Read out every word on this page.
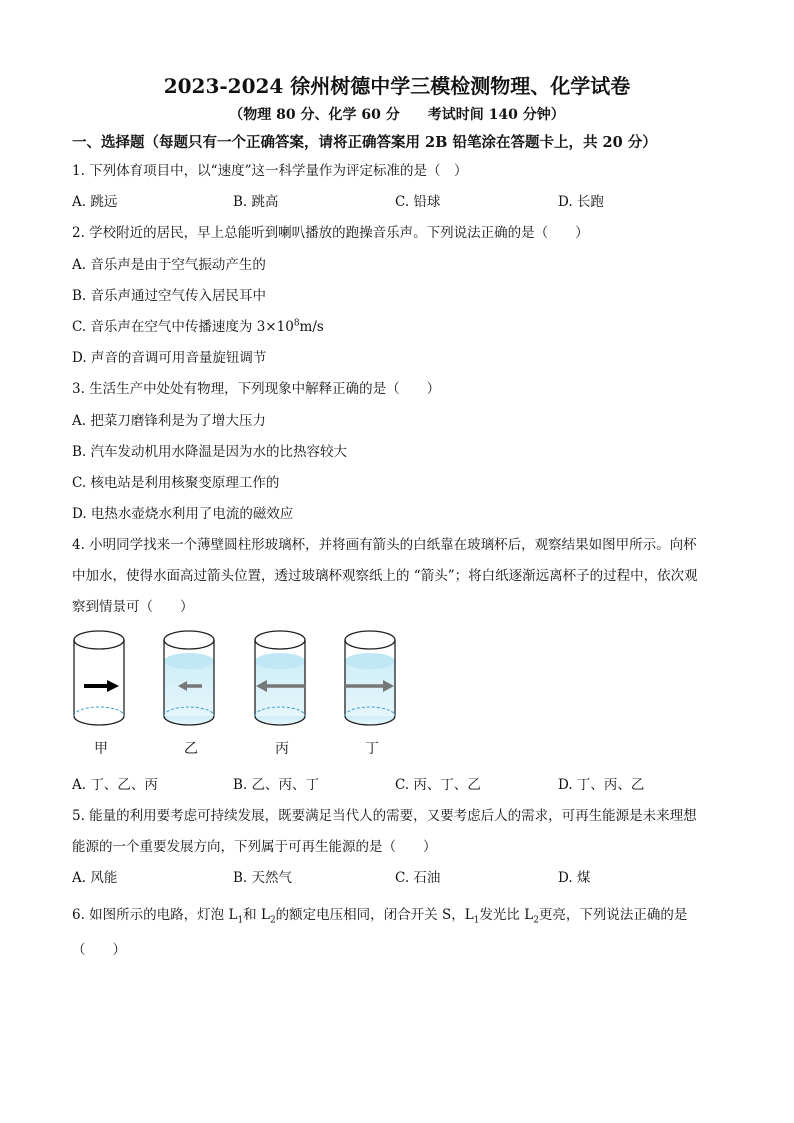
2023-2024 徐州树德中学三模检测物理、化学试卷
（物理 80 分、化学 60 分　　考试时间 140 分钟）
一、选择题（每题只有一个正确答案，请将正确答案用 2B 铅笔涂在答题卡上，共 20 分）
1. 下列体育项目中，以“速度”这一科学量作为评定标准的是（　）
A. 跳远	B. 跳高	C. 铅球	D. 长跑
2. 学校附近的居民，早上总能听到喇叭播放的跑操音乐声。下列说法正确的是（　　）
A. 音乐声是由于空气振动产生的
B. 音乐声通过空气传入居民耳中
C. 音乐声在空气中传播速度为 $3\times 10^8m/s$
D. 声音的音调可用音量旋钮调节
3. 生活生产中处处有物理，下列现象中解释正确的是（　　）
A. 把菜刀磨锋利是为了增大压力
B. 汽车发动机用水降温是因为水的比热容较大
C. 核电站是利用核聚变原理工作的
D. 电热水壶烧水利用了电流的磁效应
4. 小明同学找来一个薄壁圆柱形玻璃杯，并将画有箭头的白纸靠在玻璃杯后，观察结果如图甲所示。向杯
中加水，使得水面高过箭头位置，透过玻璃杯观察纸上的 “箭头”；将白纸逐渐远离杯子的过程中，依次观
察到情景可（　　）
甲	乙	丙	丁
A. 丁、乙、丙	B. 乙、丙、丁	C. 丙、丁、乙	D. 丁、丙、乙
5. 能量的利用要考虑可持续发展，既要满足当代人的需要，又要考虑后人的需求，可再生能源是未来理想
能源的一个重要发展方向，下列属于可再生能源的是（　　）
A. 风能	B. 天然气	C. 石油	D. 煤
6. 如图所示的电路，灯泡 $L_1$和 $L_2$的额定电压相同，闭合开关 S，$L_1$发光比 $L_2$更亮，下列说法正确的是
（　　）
